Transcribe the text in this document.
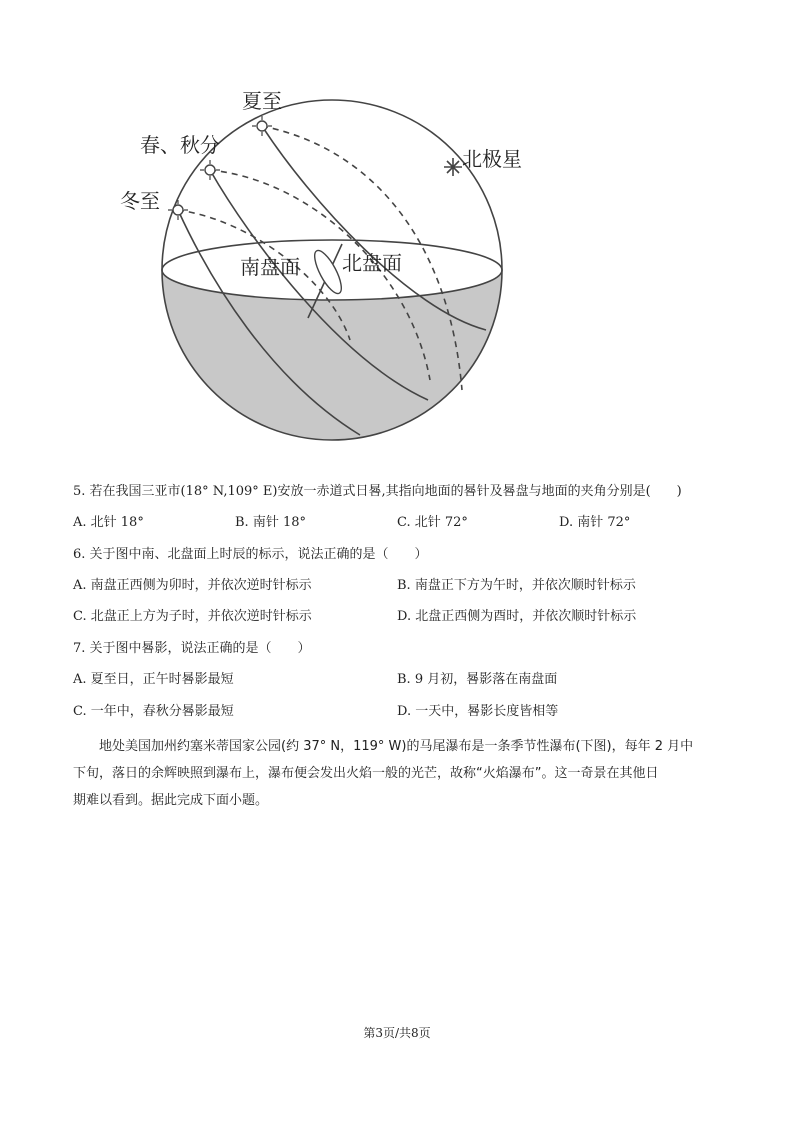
夏至
春、秋分
冬至
北极星
南盘面 北盘面
5. 若在我国三亚市(18° N,109° E)安放一赤道式日晷,其指向地面的晷针及晷盘与地面的夹角分别是(　　)
A. 北针 18°	B. 南针 18°	C. 北针 72°	D. 南针 72°
6. 关于图中南、北盘面上时辰的标示，说法正确的是（　　）
A. 南盘正西侧为卯时，并依次逆时针标示	B. 南盘正下方为午时，并依次顺时针标示
C. 北盘正上方为子时，并依次逆时针标示	D. 北盘正西侧为酉时，并依次顺时针标示
7. 关于图中晷影，说法正确的是（　　）
A. 夏至日，正午时晷影最短	B. 9 月初，晷影落在南盘面
C. 一年中，春秋分晷影最短	D. 一天中，晷影长度皆相等
地处美国加州约塞米蒂国家公园(约 37° N，119° W)的马尾瀑布是一条季节性瀑布(下图)，每年 2 月中
下旬，落日的余辉映照到瀑布上，瀑布便会发出火焰一般的光芒，故称“火焰瀑布”。这一奇景在其他日
期难以看到。据此完成下面小题。
第3页/共8页
